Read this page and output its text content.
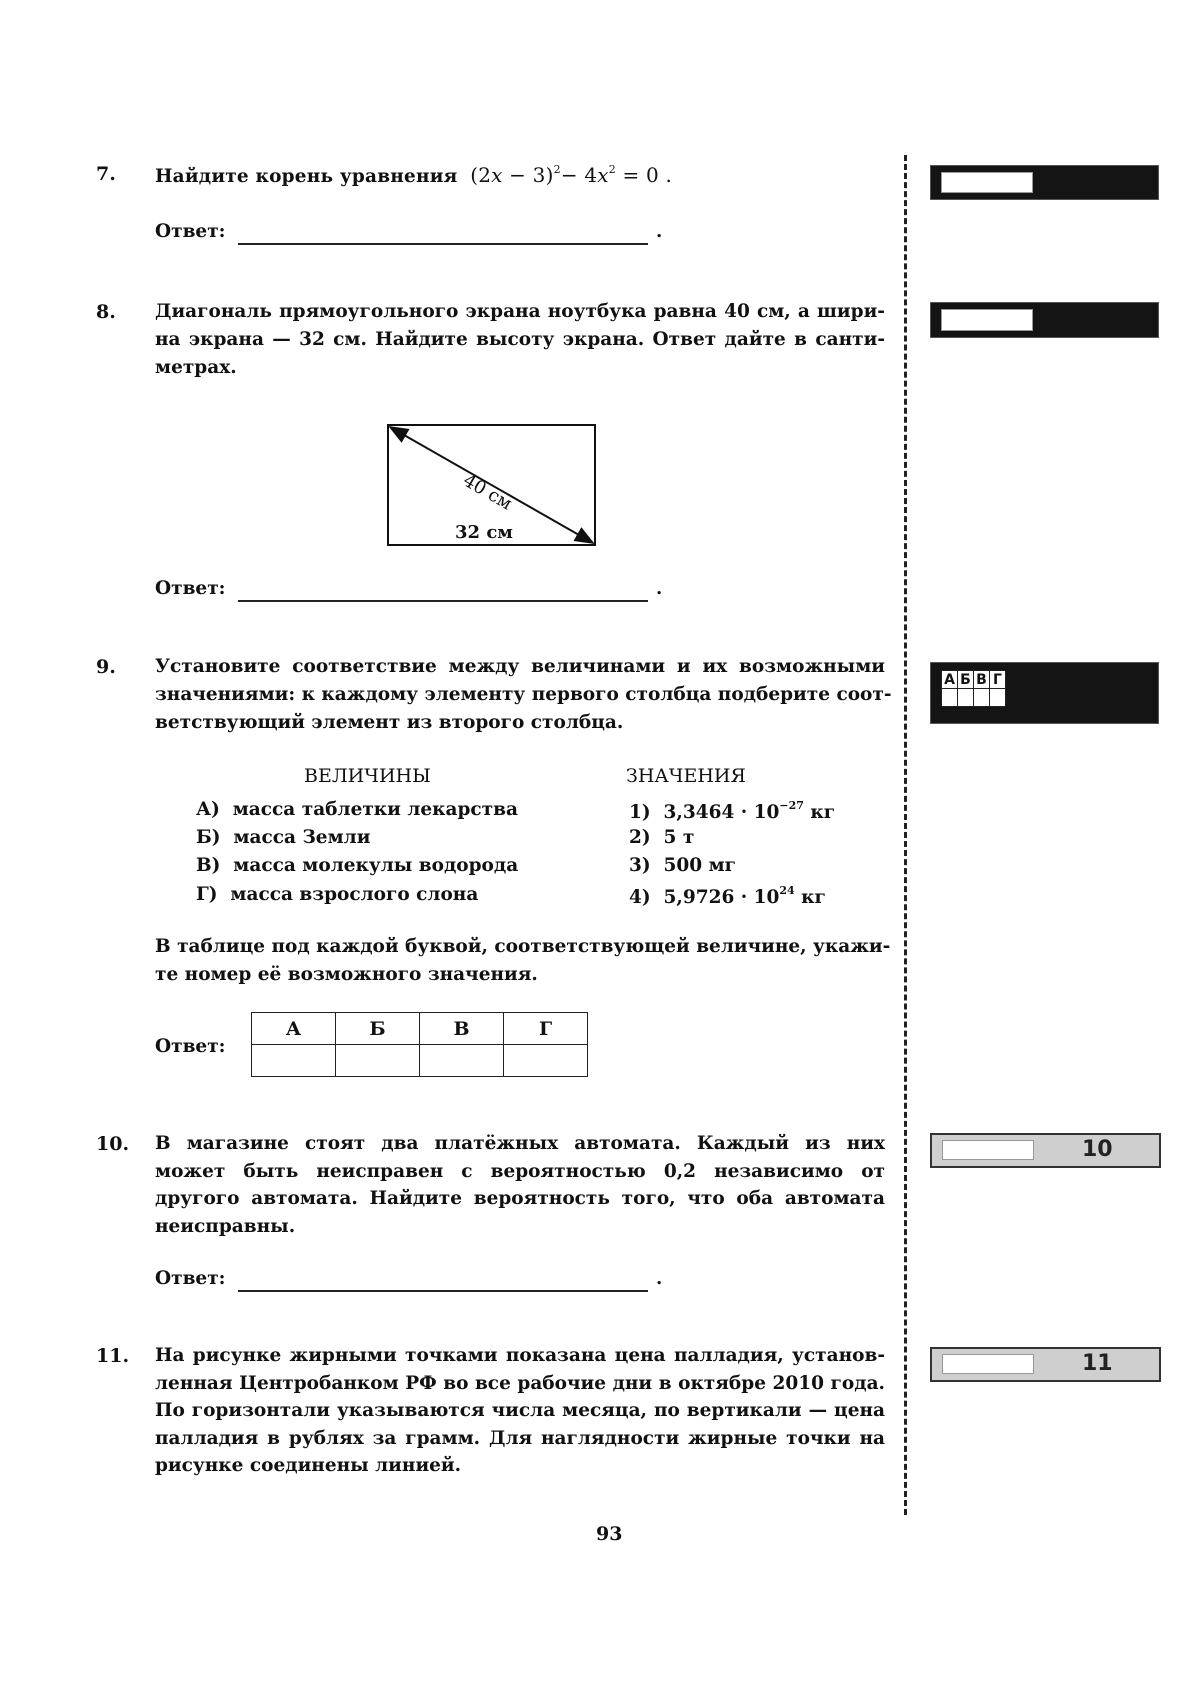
7. Найдите корень уравнения $(2x - 3)^2- 4x^2 = 0$ .
Ответ:	.
8. Диагональ прямоугольного экрана ноутбука равна 40 см, а шири-
на экрана — 32 см. Найдите высоту экрана. Ответ дайте в санти-
метрах.
40 см
32 см
Ответ:	.
9. Установите соответствие между величинами и их возможными
значениями: к каждому элементу первого столбца подберите соот-
ветствующий элемент из второго столбца.
ВЕЛИЧИНЫ	ЗНАЧЕНИЯ
А) масса таблетки лекарства
Б) масса Земли
В) масса молекулы водорода
Г) масса взрослого слона
1) $3,3464 \cdot 10^{-27}$ кг
2) 5 т
3) 500 мг
4) $5,9726 \cdot 10^{24}$ кг
В таблице под каждой буквой, соответствующей величине, укажи-
те номер её возможного значения.
Ответ:
А	Б	В	Г

10. В магазине стоят два платёжных автомата. Каждый из них
может быть неисправен с вероятностью 0,2 независимо от
другого автомата. Найдите вероятность того, что оба автомата
неисправны.
Ответ:	.
11. На рисунке жирными точками показана цена палладия, установ-
ленная Центробанком РФ во все рабочие дни в октябре 2010 года.
По горизонтали указываются числа месяца, по вертикали — цена
палладия в рублях за грамм. Для наглядности жирные точки на
рисунке соединены линией.
93
А	Б	В	Г

10
11
